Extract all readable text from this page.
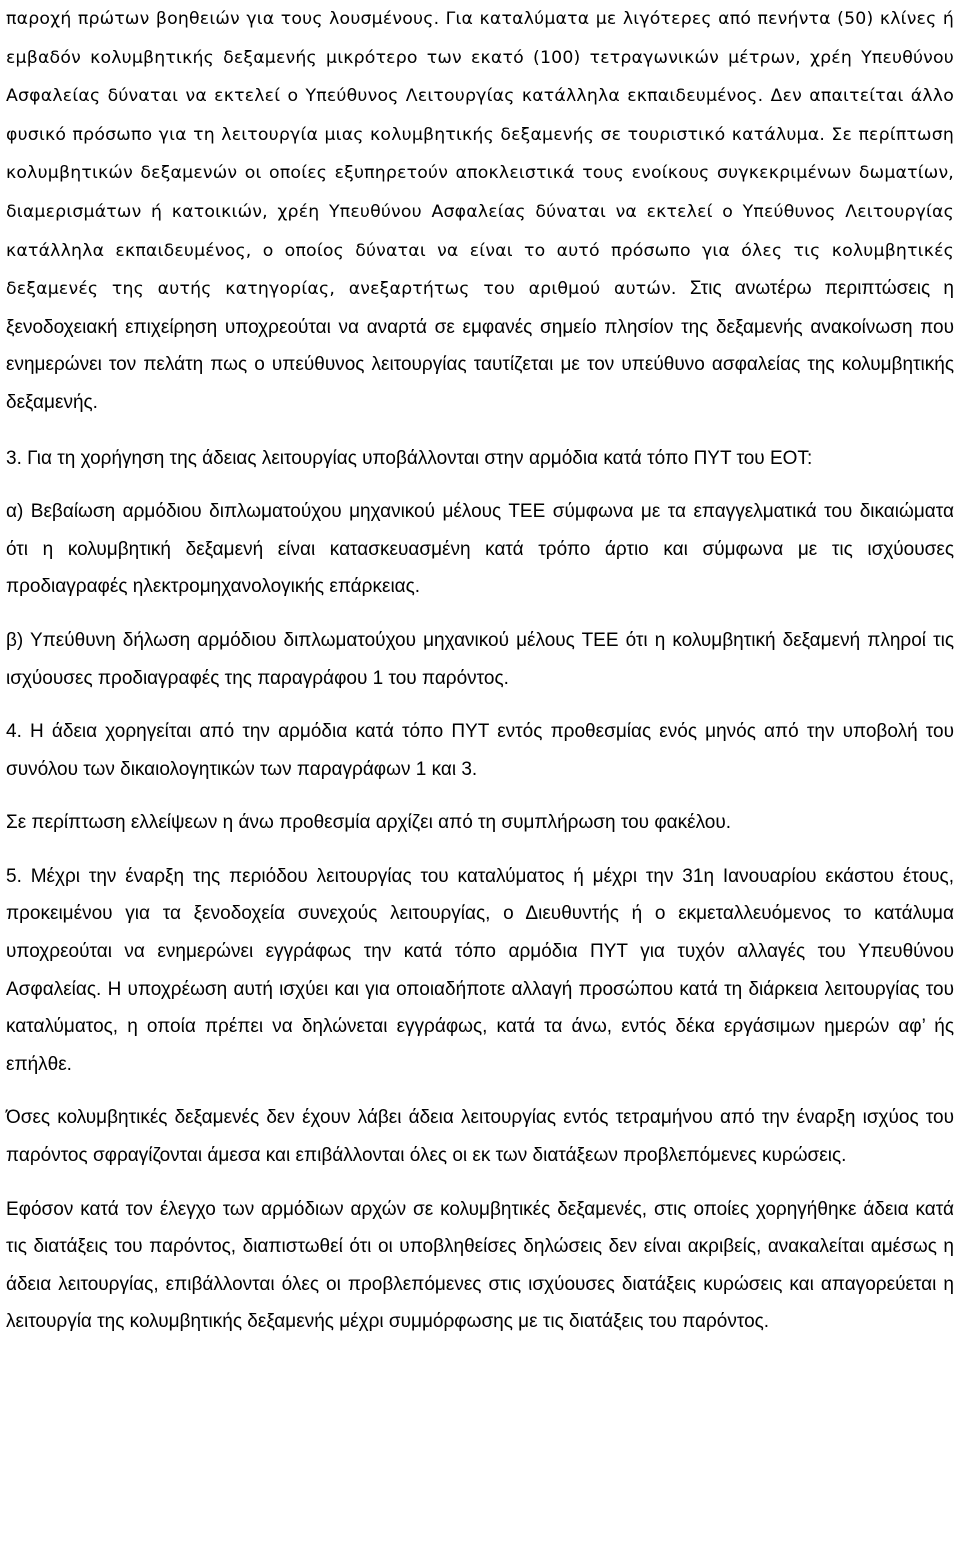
παροχή πρώτων βοηθειών για τους λουσμένους. Για καταλύματα με λιγότερες από πενήντα (50) κλίνες ή εμβαδόν κολυμβητικής δεξαμενής μικρότερο των εκατό (100) τετραγωνικών μέτρων, χρέη Υπευθύνου Ασφαλείας δύναται να εκτελεί ο Υπεύθυνος Λειτουργίας κατάλληλα εκπαιδευμένος. Δεν απαιτείται άλλο φυσικό πρόσωπο για τη λειτουργία μιας κολυμβητικής δεξαμενής σε τουριστικό κατάλυμα. Σε περίπτωση κολυμβητικών δεξαμενών οι οποίες εξυπηρετούν αποκλειστικά τους ενοίκους συγκεκριμένων δωματίων, διαμερισμάτων ή κατοικιών, χρέη Υπευθύνου Ασφαλείας δύναται να εκτελεί ο Υπεύθυνος Λειτουργίας κατάλληλα εκπαιδευμένος, ο οποίος δύναται να είναι το αυτό πρόσωπο για όλες τις κολυμβητικές δεξαμενές της αυτής κατηγορίας, ανεξαρτήτως του αριθμού αυτών. Στις ανωτέρω περιπτώσεις η ξενοδοχειακή επιχείρηση υποχρεούται να αναρτά σε εμφανές σημείο πλησίον της δεξαμενής ανακοίνωση που ενημερώνει τον πελάτη πως ο υπεύθυνος λειτουργίας ταυτίζεται με τον υπεύθυνο ασφαλείας της κολυμβητικής δεξαμενής.

3. Για τη χορήγηση της άδειας λειτουργίας υποβάλλονται στην αρμόδια κατά τόπο ΠΥΤ του ΕΟΤ:

α) Βεβαίωση αρμόδιου διπλωματούχου μηχανικού μέλους ΤΕΕ σύμφωνα με τα επαγγελματικά του δικαιώματα ότι η κολυμβητική δεξαμενή είναι κατασκευασμένη κατά τρόπο άρτιο και σύμφωνα με τις ισχύουσες προδιαγραφές ηλεκτρομηχανολογικής επάρκειας.

β) Υπεύθυνη δήλωση αρμόδιου διπλωματούχου μηχανικού μέλους ΤΕΕ ότι η κολυμβητική δεξαμενή πληροί τις ισχύουσες προδιαγραφές της παραγράφου 1 του παρόντος.

4. Η άδεια χορηγείται από την αρμόδια κατά τόπο ΠΥΤ εντός προθεσμίας ενός μηνός από την υποβολή του συνόλου των δικαιολογητικών των παραγράφων 1 και 3.

Σε περίπτωση ελλείψεων η άνω προθεσμία αρχίζει από τη συμπλήρωση του φακέλου.

5. Μέχρι την έναρξη της περιόδου λειτουργίας του καταλύματος ή μέχρι την 31η Ιανουαρίου εκάστου έτους, προκειμένου για τα ξενοδοχεία συνεχούς λειτουργίας, ο Διευθυντής ή ο εκμεταλλευόμενος το κατάλυμα υποχρεούται να ενημερώνει εγγράφως την κατά τόπο αρμόδια ΠΥΤ για τυχόν αλλαγές του Υπευθύνου Ασφαλείας. Η υποχρέωση αυτή ισχύει και για οποιαδήποτε αλλαγή προσώπου κατά τη διάρκεια λειτουργίας του καταλύματος, η οποία πρέπει να δηλώνεται εγγράφως, κατά τα άνω, εντός δέκα εργάσιμων ημερών αφ’ ής επήλθε.

Όσες κολυμβητικές δεξαμενές δεν έχουν λάβει άδεια λειτουργίας εντός τετραμήνου από την έναρξη ισχύος του παρόντος σφραγίζονται άμεσα και επιβάλλονται όλες οι εκ των διατάξεων προβλεπόμενες κυρώσεις.

Εφόσον κατά τον έλεγχο των αρμόδιων αρχών σε κολυμβητικές δεξαμενές, στις οποίες χορηγήθηκε άδεια κατά τις διατάξεις του παρόντος, διαπιστωθεί ότι οι υποβληθείσες δηλώσεις δεν είναι ακριβείς, ανακαλείται αμέσως η άδεια λειτουργίας, επιβάλλονται όλες οι προβλεπόμενες στις ισχύουσες διατάξεις κυρώσεις και απαγορεύεται η λειτουργία της κολυμβητικής δεξαμενής μέχρι συμμόρφωσης με τις διατάξεις του παρόντος.
